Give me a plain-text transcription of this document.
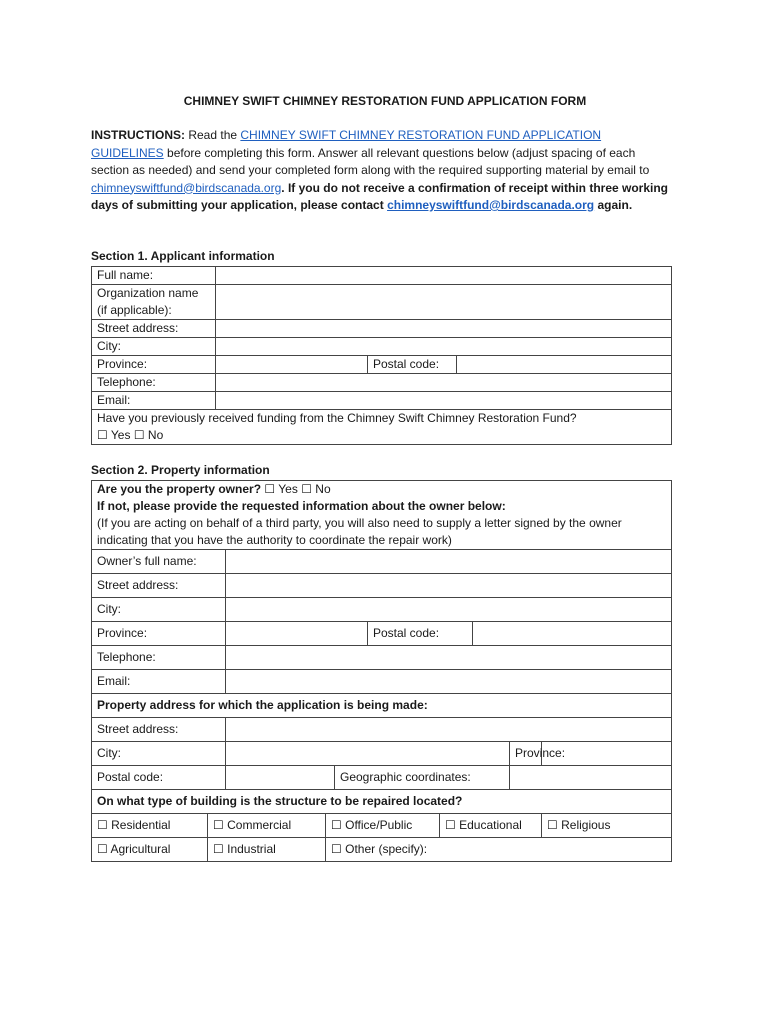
CHIMNEY SWIFT CHIMNEY RESTORATION FUND APPLICATION FORM
INSTRUCTIONS: Read the CHIMNEY SWIFT CHIMNEY RESTORATION FUND APPLICATION GUIDELINES before completing this form. Answer all relevant questions below (adjust spacing of each section as needed) and send your completed form along with the required supporting material by email to chimneyswiftfund@birdscanada.org. If you do not receive a confirmation of receipt within three working days of submitting your application, please contact chimneyswiftfund@birdscanada.org again.
Section 1. Applicant information
Full name:			
Organization name
(if applicable):			
Street address:			
City:			
Province:		Postal code:	
Telephone:			
Email:			
Have you previously received funding from the Chimney Swift Chimney Restoration Fund?
☐ Yes ☐ No			
Section 2. Property information
Are you the property owner? ☐ Yes ☐ No
If not, please provide the requested information about the owner below:
(If you are acting on behalf of a third party, you will also need to supply a letter signed by the owner indicating that you have the authority to coordinate the repair work)									
Owner’s full name:									
Street address:									
City:									
Province:					Postal code:				
Telephone:									
Email:									
Property address for which the application is being made:									
Street address:									
City:								Province:	
Postal code:				Geographic coordinates:					
On what type of building is the structure to be repaired located?									
☐ Residential	☐ Commercial		☐ Office/Public			☐ Educational			☐ Religious
☐ Agricultural	☐ Industrial		☐ Other (specify):						
